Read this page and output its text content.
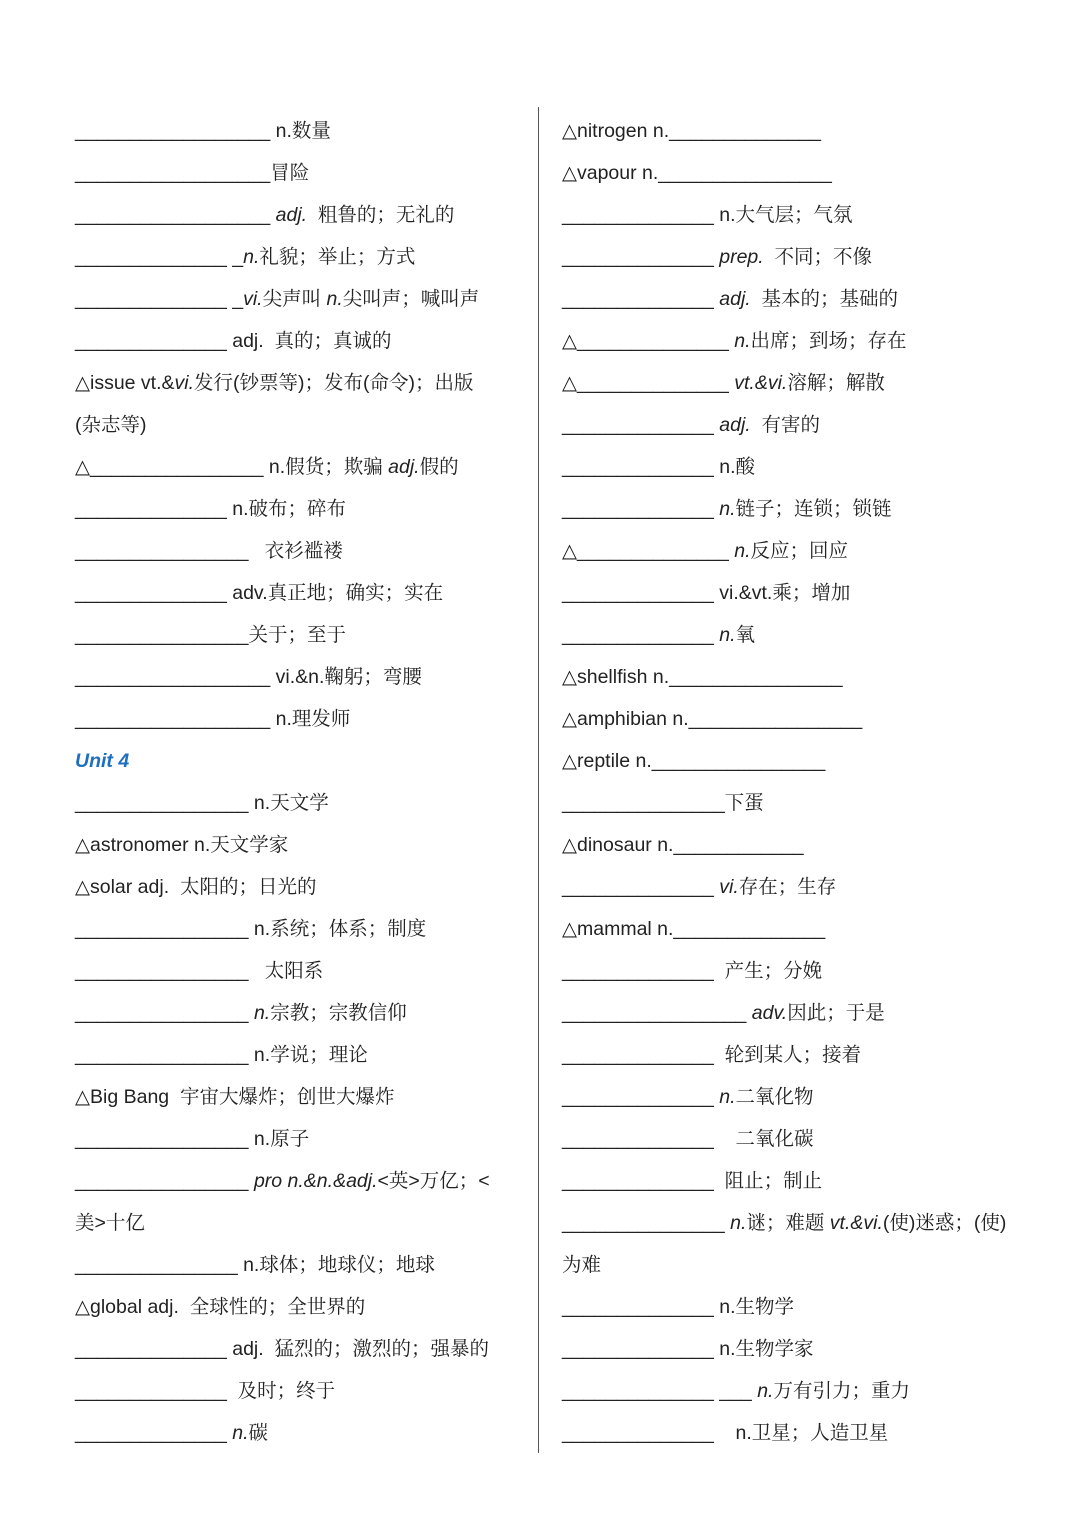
__________________ n.数量
__________________冒险
__________________ adj.  粗鲁的；无礼的
______________ _n.礼貌；举止；方式
______________ _vi.尖声叫 n.尖叫声；喊叫声
______________ adj.  真的；真诚的
△issue vt.&vi.发行(钞票等)；发布(命令)；出版
(杂志等)
△________________ n.假货；欺骗 adj.假的
______________ n.破布；碎布
________________   衣衫褴褛
______________ adv.真正地；确实；实在
________________关于；至于
__________________ vi.&n.鞠躬；弯腰
__________________ n.理发师
Unit 4
________________ n.天文学
△astronomer n.天文学家
△solar adj.  太阳的；日光的
________________ n.系统；体系；制度
________________   太阳系
________________ n.宗教；宗教信仰
________________ n.学说；理论
△Big Bang  宇宙大爆炸；创世大爆炸
________________ n.原子
________________ pro n.&n.&adj.<英>万亿；<
美>十亿
_______________ n.球体；地球仪；地球
△global adj.  全球性的；全世界的
______________ adj.  猛烈的；激烈的；强暴的
______________  及时；终于
______________ n.碳
△nitrogen n.______________
△vapour n.________________
______________ n.大气层；气氛
______________ prep.  不同；不像
______________ adj.  基本的；基础的
△______________ n.出席；到场；存在
△______________ vt.&vi.溶解；解散
______________ adj.  有害的
______________ n.酸
______________ n.链子；连锁；锁链
△______________ n.反应；回应
______________ vi.&vt.乘；增加
______________ n.氧
△shellfish n.________________
△amphibian n.________________
△reptile n.________________
_______________下蛋
△dinosaur n.____________
______________ vi.存在；生存
△mammal n.______________
______________  产生；分娩
_________________ adv.因此；于是
______________  轮到某人；接着
______________ n.二氧化物
______________    二氧化碳
______________  阻止；制止
_______________ n.谜；难题 vt.&vi.(使)迷惑；(使)
为难
______________ n.生物学
______________ n.生物学家
______________ ___ n.万有引力；重力
______________    n.卫星；人造卫星
